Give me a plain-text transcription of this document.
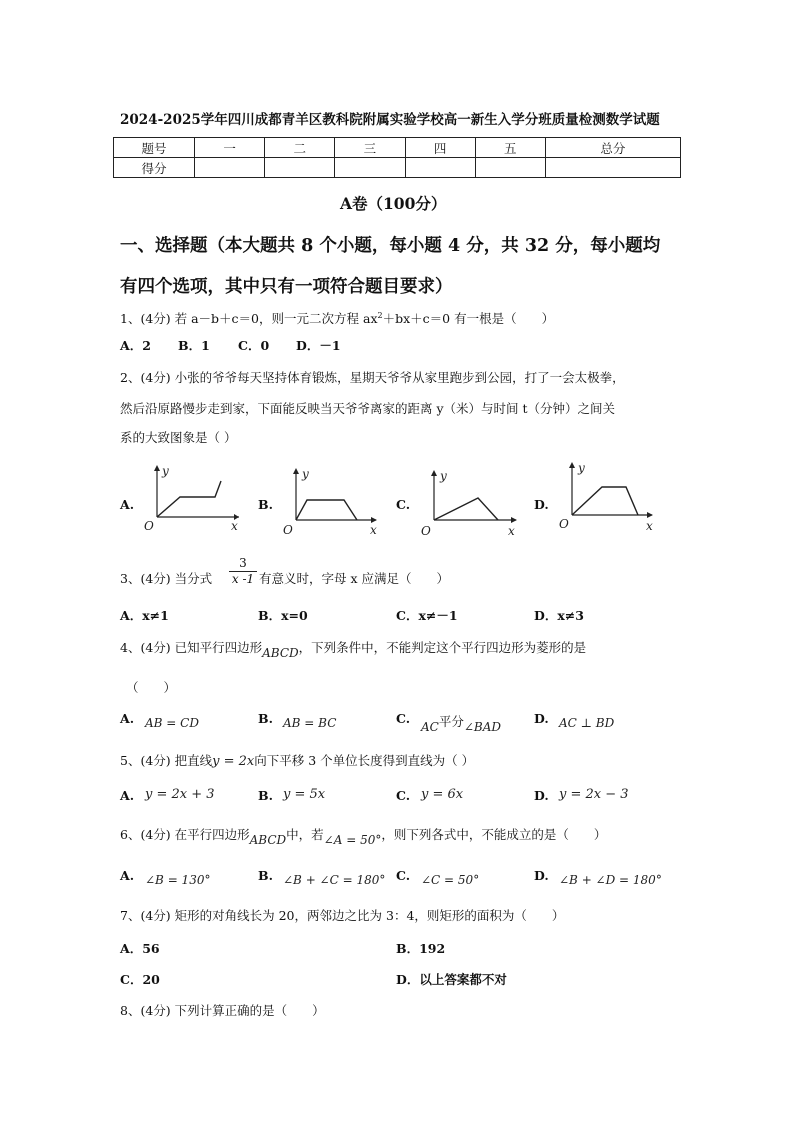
2024-2025学年四川成都青羊区教科院附属实验学校高一新生入学分班质量检测数学试题
题号	一	二	三	四	五	总分
得分						
A卷（100分）
一、选择题（本大题共 8 个小题，每小题 4 分，共 32 分，每小题均
有四个选项，其中只有一项符合题目要求）
1、(4分) 若 a－b＋c＝0，则一元二次方程 $ax^2+bx+c=0$ 有一根是（　　）
A．2 B．1 C．0 D．－1
2、(4分) 小张的爷爷每天坚持体育锻炼，星期天爷爷从家里跑步到公园，打了一会太极拳，
然后沿原路慢步走到家，下面能反映当天爷爷离家的距离 y（米）与时间 t（分钟）之间关
系的大致图象是（ ）
A.
y
x
O
B.
y
x
O
C.
y
x
O
D.
y
x
O
3、(4分) 当分式 $\frac{3}{x -1}$ 有意义时，字母 x 应满足（　　）
A．x≠1	B．x=0	C．x≠－1	D．x≠3
4、(4分) 已知平行四边形ABCD，下列条件中，不能判定这个平行四边形为菱形的是
（　　）
A. AB = CD	B. AB = BC	C.
$_{AC}$平分$_{\angle BAD}$
D. AC ⊥ BD
5、(4分) 把直线y = 2x向下平移 3 个单位长度得到直线为（ ）
A. y = 2x + 3	B. y = 5x	C. y = 6x	D. y = 2x − 3
6、(4分) 在平行四边形ABCD中，若∠A = 50°，则下列各式中，不能成立的是（　　）
A. ∠B = 130°	B. ∠B + ∠C = 180° C. ∠C = 50°	D. ∠B + ∠D = 180°
7、(4分) 矩形的对角线长为 20，两邻边之比为 3：4，则矩形的面积为（　　）
A．56	B．192
C．20	D．以上答案都不对
8、(4分) 下列计算正确的是（　　）
